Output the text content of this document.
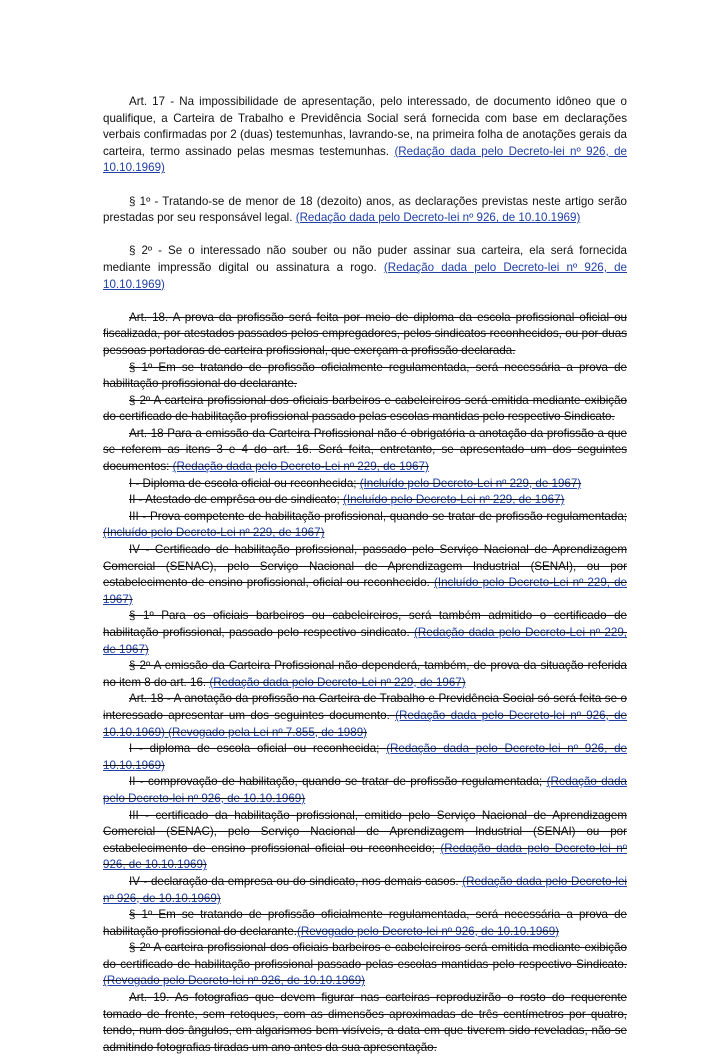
Art. 17 - Na impossibilidade de apresentação, pelo interessado, de documento idôneo que o qualifique, a Carteira de Trabalho e Previdência Social será fornecida com base em declarações verbais confirmadas por 2 (duas) testemunhas, lavrando-se, na primeira folha de anotações gerais da carteira, termo assinado pelas mesmas testemunhas. (Redação dada pelo Decreto-lei nº 926, de 10.10.1969)

§ 1º - Tratando-se de menor de 18 (dezoito) anos, as declarações previstas neste artigo serão prestadas por seu responsável legal. (Redação dada pelo Decreto-lei nº 926, de 10.10.1969)

§ 2º - Se o interessado não souber ou não puder assinar sua carteira, ela será fornecida mediante impressão digital ou assinatura a rogo. (Redação dada pelo Decreto-lei nº 926, de 10.10.1969)

Art. 18. A prova da profissão será feita por meio de diploma da escola profissional oficial ou fiscalizada, por atestados passados pelos empregadores, pelos sindicatos reconhecidos, ou por duas pessoas portadoras de carteira profissional, que exerçam a profissão declarada.

§ 1º Em se tratando de profissão oficialmente regulamentada, será necessária a prova de habilitação profissional do declarante.

§ 2º A carteira profissional dos oficiais barbeiros e cabeleireiros será emitida mediante exibição do certificado de habilitação profissional passado pelas escolas mantidas pelo respectivo Sindicato.

Art. 18 Para a emissão da Carteira Profissional não é obrigatória a anotação da profissão a que se referem as itens 3 e 4 do art. 16. Será feita, entretanto, se apresentado um dos seguintes documentos: (Redação dada pelo Decreto-Lei nº 229, de 1967)

I - Diploma de escola oficial ou reconhecida; (Incluído pelo Decreto-Lei nº 229, de 1967)

II - Atestado de emprêsa ou de sindicato; (Incluído pelo Decreto-Lei nº 229, de 1967)

III - Prova competente de habilitação profissional, quando se tratar de profissão regulamentada; (Incluído pelo Decreto-Lei nº 229, de 1967)

IV - Certificado de habilitação profissional, passado pelo Serviço Nacional de Aprendizagem Comercial (SENAC), pelo Serviço Nacional de Aprendizagem Industrial (SENAI), ou por estabelecimento de ensino profissional, oficial ou reconhecido. (Incluído pelo Decreto-Lei nº 229, de 1967)

§ 1º Para os oficiais barbeiros ou cabeleireiros, será também admitido o certificado de habilitação profissional, passado pelo respectivo sindicato. (Redação dada pelo Decreto-Lei nº 229, de 1967)

§ 2º A emissão da Carteira Profissional não dependerá, também, de prova da situação referida no item 8 do art. 16. (Redação dada pelo Decreto-Lei nº 229, de 1967)

Art. 18 - A anotação da profissão na Carteira de Trabalho e Previdência Social só será feita se o interessado apresentar um dos seguintes documento. (Redação dada pelo Decreto-lei nº 926, de 10.10.1969) (Revogado pela Lei nº 7.855, de 1989)

I - diploma de escola oficial ou reconhecida; (Redação dada pelo Decreto-lei nº 926, de 10.10.1969)

II - comprovação de habilitação, quando se tratar de profissão regulamentada; (Redação dada pelo Decreto-lei nº 926, de 10.10.1969)

III - certificado da habilitação profissional, emitido pelo Serviço Nacional de Aprendizagem Comercial (SENAC), pelo Serviço Nacional de Aprendizagem Industrial (SENAI) ou por estabelecimento de ensino profissional oficial ou reconhecido; (Redação dada pelo Decreto-lei nº 926, de 10.10.1969)

IV - declaração da empresa ou do sindicato, nos demais casos. (Redação dada pelo Decreto-lei nº 926, de 10.10.1969)

§ 1º Em se tratando de profissão oficialmente regulamentada, será necessária a prova de habilitação profissional do declarante.(Revogado pelo Decreto-lei nº 926, de 10.10.1969)

§ 2º A carteira profissional dos oficiais barbeiros e cabeleireiros será emitida mediante exibição do certificado de habilitação profissional passado pelas escolas mantidas pelo respectivo Sindicato. (Revogado pelo Decreto-lei nº 926, de 10.10.1969)

Art. 19. As fotografias que devem figurar nas carteiras reproduzirão o rosto do requerente tomado de frente, sem retoques, com as dimensões aproximadas de três centímetros por quatro, tendo, num dos ângulos, em algarismos bem visíveis, a data em que tiverem sido reveladas, não se admitindo fotografias tiradas um ano antes da sua apresentação.
